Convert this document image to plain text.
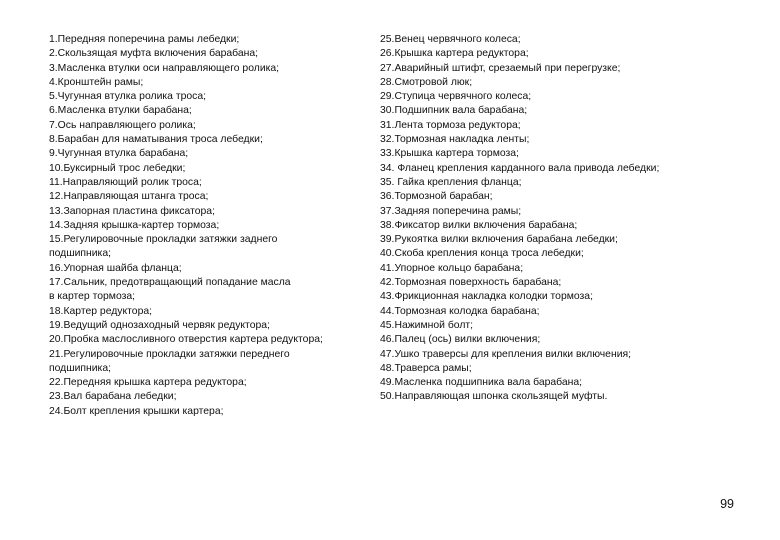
1.Передняя поперечина рамы лебедки;
2.Скользящая муфта включения барабана;
3.Масленка втулки оси направляющего ролика;
4.Кронштейн рамы;
5.Чугунная втулка ролика троса;
6.Масленка втулки барабана;
7.Ось направляющего ролика;
8.Барабан для наматывания троса лебедки;
9.Чугунная втулка барабана;
10.Буксирный трос лебедки;
11.Направляющий ролик троса;
12.Направляющая штанга троса;
13.Запорная пластина фиксатора;
14.Задняя крышка-картер тормоза;
15.Регулировочные прокладки затяжки заднего
подшипника;
16.Упорная шайба фланца;
17.Сальник, предотвращающий попадание масла
в картер тормоза;
18.Картер редуктора;
19.Ведущий однозаходный червяк редуктора;
20.Пробка маслосливного отверстия картера редуктора;
21.Регулировочные прокладки затяжки переднего
подшипника;
22.Передняя крышка картера редуктора;
23.Вал барабана лебедки;
24.Болт крепления крышки картера;
25.Венец червячного колеса;
26.Крышка картера редуктора;
27.Аварийный штифт, срезаемый при перегрузке;
28.Смотровой люк;
29.Ступица червячного колеса;
30.Подшипник вала барабана;
31.Лента тормоза редуктора;
32.Тормозная накладка ленты;
33.Крышка картера тормоза;
34. Фланец крепления карданного вала привода лебедки;
35. Гайка крепления фланца;
36.Тормозной барабан;
37.Задняя поперечина рамы;
38.Фиксатор вилки включения барабана;
39.Рукоятка вилки включения барабана лебедки;
40.Скоба крепления конца троса лебедки;
41.Упорное кольцо барабана;
42.Тормозная поверхность барабана;
43.Фрикционная накладка колодки тормоза;
44.Тормозная колодка барабана;
45.Нажимной болт;
46.Палец (ось) вилки включения;
47.Ушко траверсы для крепления вилки включения;
48.Траверса рамы;
49.Масленка подшипника вала барабана;
50.Направляющая шпонка скользящей муфты.
99
